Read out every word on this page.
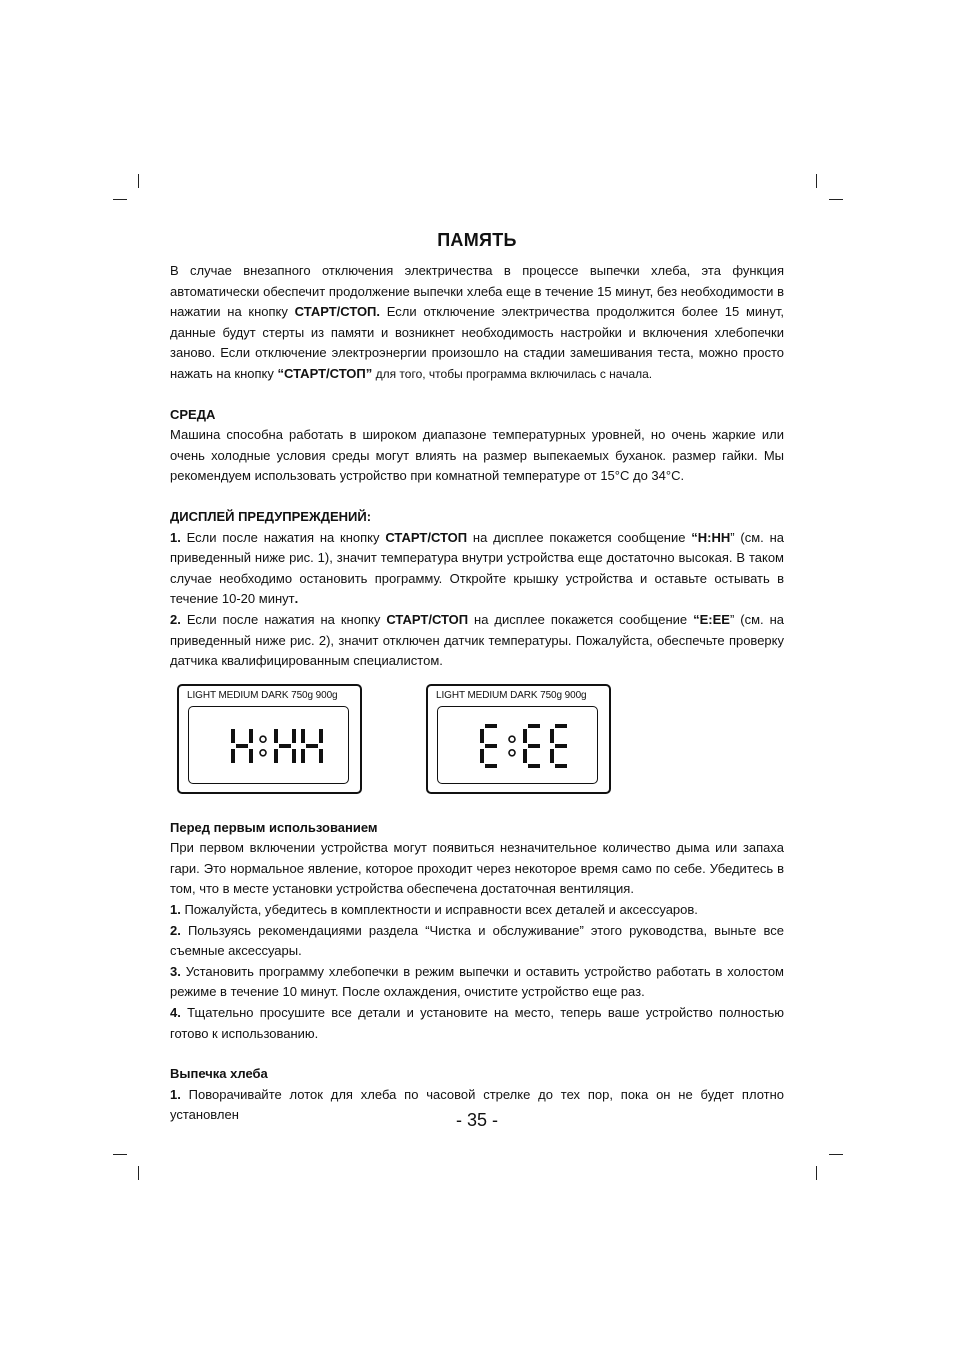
ПАМЯТЬ

В случае внезапного отключения электричества в процессе выпечки хлеба, эта функция автоматически обеспечит продолжение выпечки хлеба еще в течение 15 минут, без необходимости в нажатии на кнопку СТАРТ/СТОП. Если отключение электричества продолжится более 15 минут, данные будут стерты из памяти и возникнет необходимость настройки и включения хлебопечки заново. Если отключение электроэнергии произошло на стадии замешивания теста, можно просто нажать на кнопку “СТАРТ/СТОП” для того, чтобы программа включилась с начала.

СРЕДА

Машина способна работать в широком диапазоне температурных уровней, но очень жаркие или очень холодные условия среды могут влиять на размер выпекаемых буханок. размер гайки. Мы рекомендуем использовать устройство при комнатной температуре от 15°С до 34°С.

ДИСПЛЕЙ ПРЕДУПРЕЖДЕНИЙ:

1. Если после нажатия на кнопку СТАРТ/СТОП на дисплее покажется сообщение “H:HH” (см. на приведенный ниже рис. 1), значит температура внутри устройства еще достаточно высокая. В таком случае необходимо остановить программу. Откройте крышку устройства и оставьте остывать в течение 10-20 минут.

2. Если после нажатия на кнопку СТАРТ/СТОП на дисплее покажется сообщение “E:EE” (см. на приведенный ниже рис. 2), значит отключен датчик температуры. Пожалуйста, обеспечьте проверку датчика квалифицированным специалистом.

LIGHT MEDIUM DARK 750g 900g	LIGHT MEDIUM DARK 750g 900g
Перед первым использованием

При первом включении устройства могут появиться незначительное количество дыма или запаха гари. Это нормальное явление, которое проходит через некоторое время само по себе. Убедитесь в том, что в месте установки устройства обеспечена достаточная вентиляция.

1. Пожалуйста, убедитесь в комплектности и исправности всех деталей и аксессуаров.

2. Пользуясь рекомендациями раздела “Чистка и обслуживание” этого руководства, выньте все съемные аксессуары.

3. Установить программу хлебопечки в режим выпечки и оставить устройство работать в холостом режиме в течение 10 минут. После охлаждения, очистите устройство еще раз.

4. Тщательно просушите все детали и установите на место, теперь ваше устройство полностью готово к использованию.

Выпечка хлеба

1. Поворачивайте лоток для хлеба по часовой стрелке до тех пор, пока он не будет плотно установлен	- 35 -
